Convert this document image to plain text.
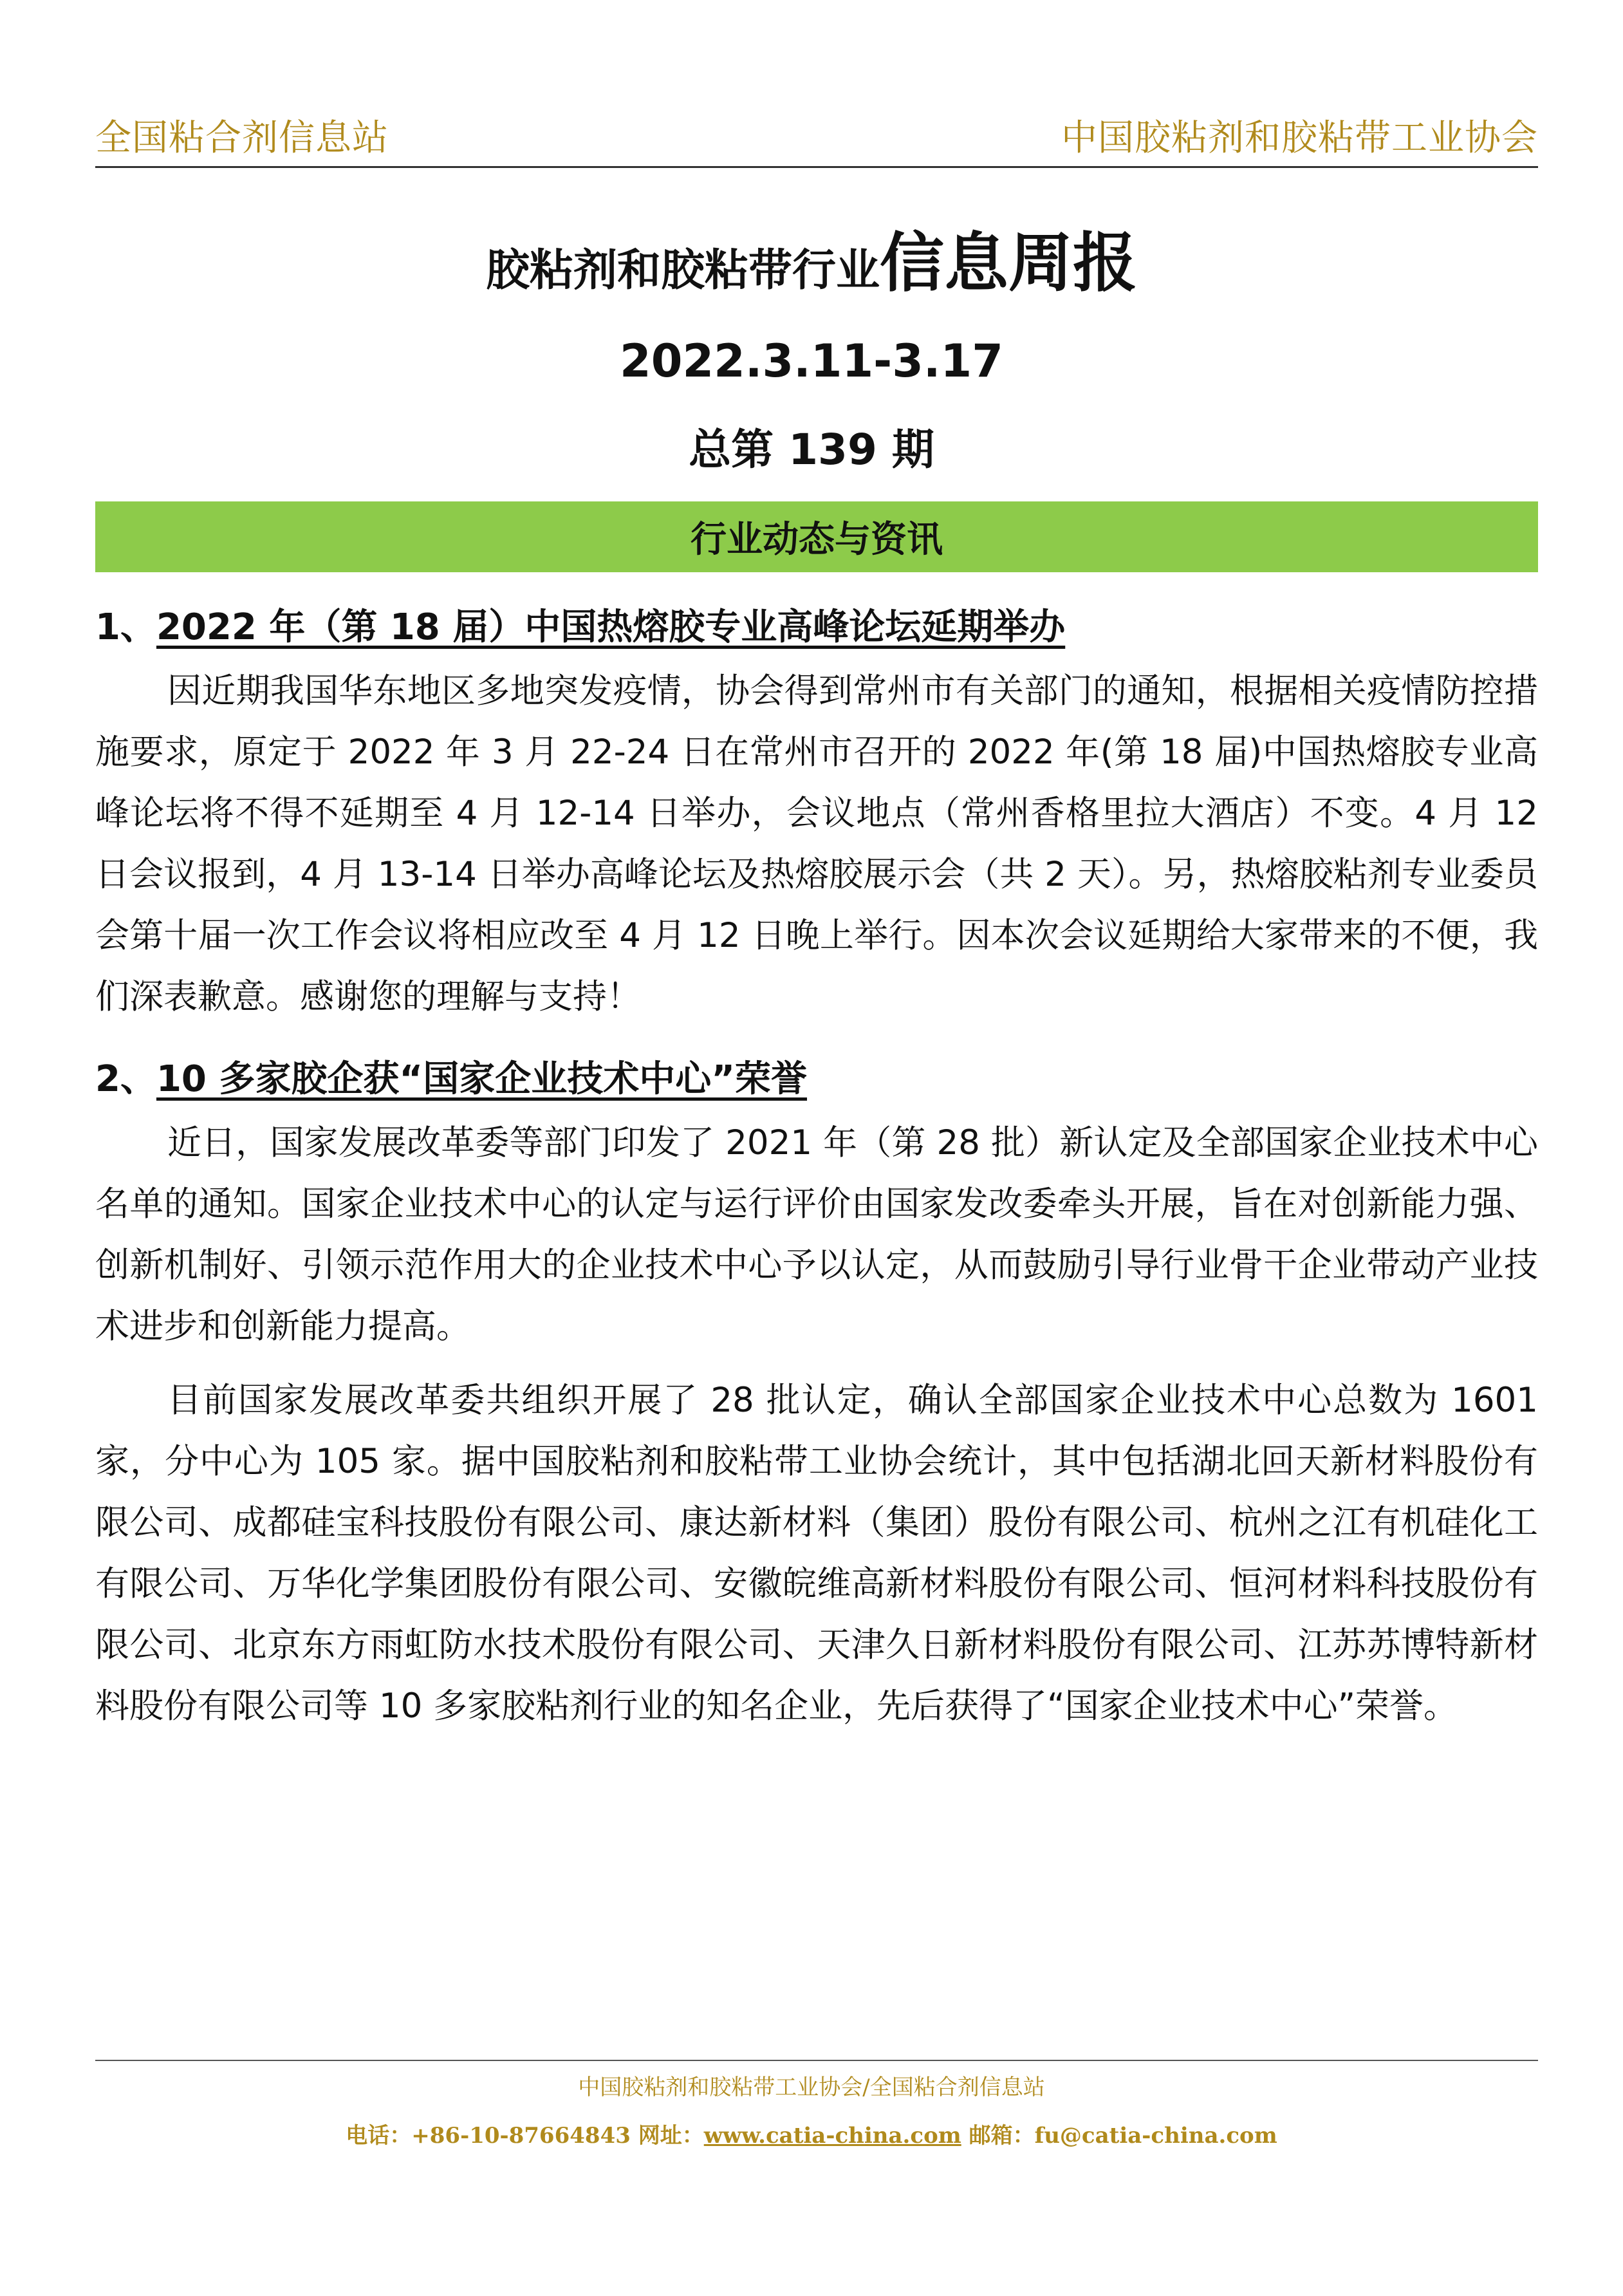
全国粘合剂信息站	中国胶粘剂和胶粘带工业协会
胶粘剂和胶粘带行业信息周报
2022.3.11-3.17
总第 139 期
行业动态与资讯
1、2022 年（第 18 届）中国热熔胶专业高峰论坛延期举办

因近期我国华东地区多地突发疫情，协会得到常州市有关部门的通知，根据相关疫情防控措施要求，原定于 2022 年 3 月 22-24 日在常州市召开的 2022 年(第 18 届)中国热熔胶专业高峰论坛将不得不延期至 4 月 12-14 日举办，会议地点（常州香格里拉大酒店）不变。4 月 12 日会议报到，4 月 13-14 日举办高峰论坛及热熔胶展示会（共 2 天）。另，热熔胶粘剂专业委员会第十届一次工作会议将相应改至 4 月 12 日晚上举行。因本次会议延期给大家带来的不便，我们深表歉意。感谢您的理解与支持！

2、10 多家胶企获“国家企业技术中心”荣誉

近日，国家发展改革委等部门印发了 2021 年（第 28 批）新认定及全部国家企业技术中心名单的通知。国家企业技术中心的认定与运行评价由国家发改委牵头开展，旨在对创新能力强、创新机制好、引领示范作用大的企业技术中心予以认定，从而鼓励引导行业骨干企业带动产业技术进步和创新能力提高。

目前国家发展改革委共组织开展了 28 批认定，确认全部国家企业技术中心总数为 1601 家，分中心为 105 家。据中国胶粘剂和胶粘带工业协会统计，其中包括湖北回天新材料股份有限公司、成都硅宝科技股份有限公司、康达新材料（集团）股份有限公司、杭州之江有机硅化工有限公司、万华化学集团股份有限公司、安徽皖维高新材料股份有限公司、恒河材料科技股份有限公司、北京东方雨虹防水技术股份有限公司、天津久日新材料股份有限公司、江苏苏博特新材料股份有限公司等 10 多家胶粘剂行业的知名企业，先后获得了“国家企业技术中心”荣誉。

中国胶粘剂和胶粘带工业协会/全国粘合剂信息站
电话：+86-10-87664843 网址：www.catia-china.com 邮箱：fu@catia-china.com
